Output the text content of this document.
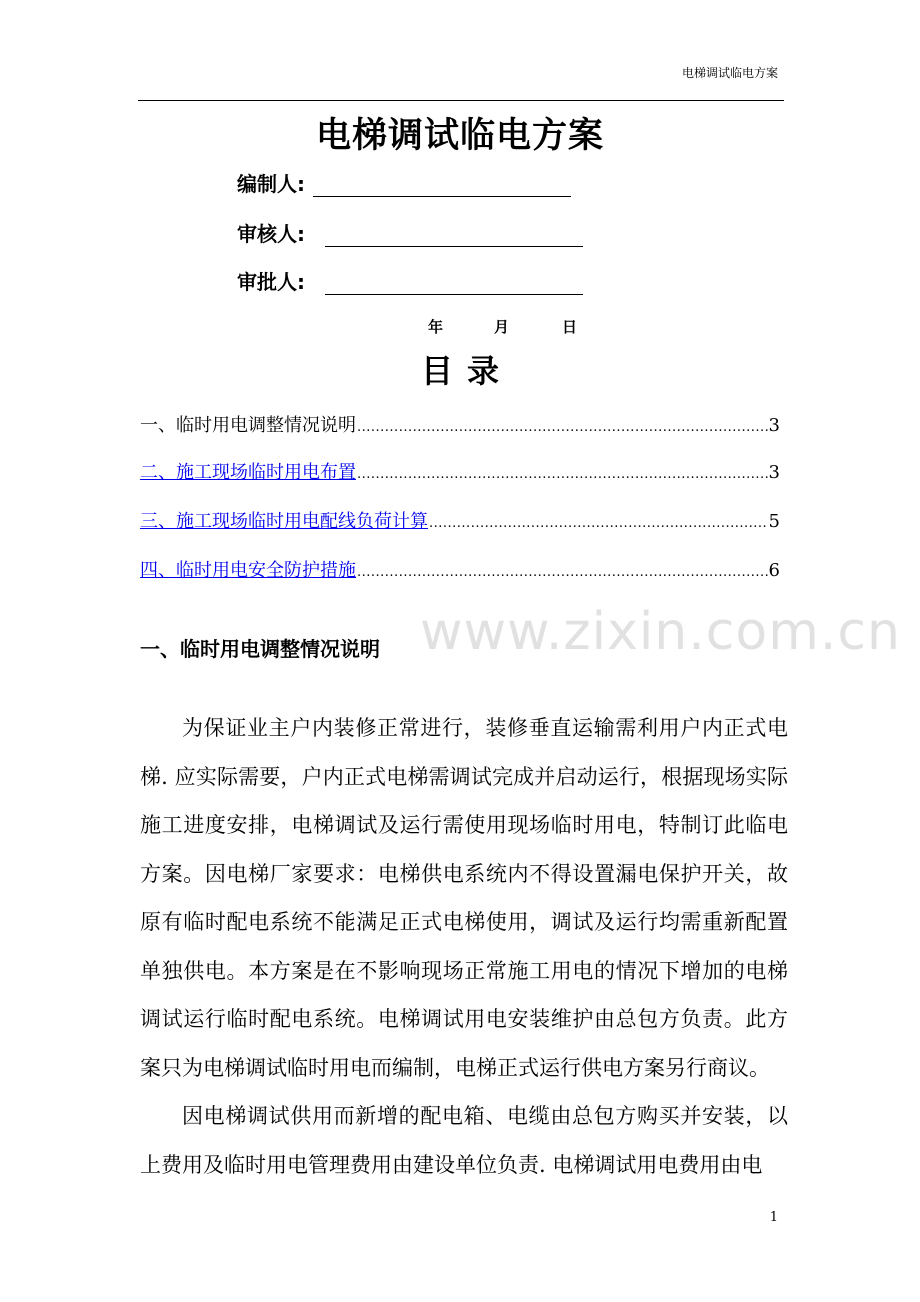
电梯调试临电方案
电梯调试临电方案
编制人:
审核人:
审批人:
年	月	日
目录
一、临时用电调整情况说明 .....	3
二、施工现场临时用电布置 .....	3
三、施工现场临时用电配线负荷计算 .....	5
四、临时用电安全防护措施 .....	6
www.zixin.com.cn
一、临时用电调整情况说明

为保证业主户内装修正常进行，装修垂直运输需利用户内正式电梯. 应实际需要，户内正式电梯需调试完成并启动运行，根据现场实际施工进度安排，电梯调试及运行需使用现场临时用电，特制订此临电方案。因电梯厂家要求：电梯供电系统内不得设置漏电保护开关，故原有临时配电系统不能满足正式电梯使用，调试及运行均需重新配置单独供电。本方案是在不影响现场正常施工用电的情况下增加的电梯调试运行临时配电系统。电梯调试用电安装维护由总包方负责。此方案只为电梯调试临时用电而编制，电梯正式运行供电方案另行商议。

因电梯调试供用而新增的配电箱、电缆由总包方购买并安装，以上费用及临时用电管理费用由建设单位负责. 电梯调试用电费用由电

1
